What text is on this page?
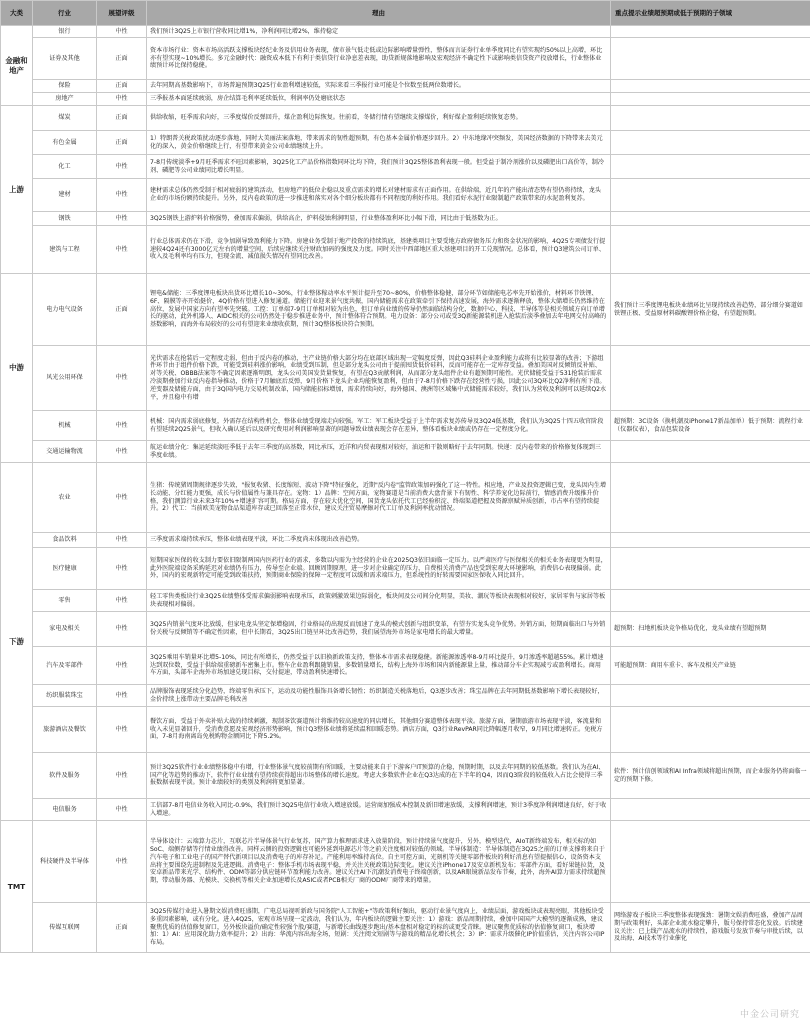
大类	行业	展望评级	理由	重点提示业绩超预期或低于预期的子领域
金融和地产	银行	中性	我们预计3Q25上市银行营收同比增1%，净利润同比增2%，维持稳定	
	证券及其他	正面	资本市场行业：资本市场高活跃支撑板块经纪业务及信用业务表现，债市景气低走低或边际影响增量弹性，整体而言证券行业单季度同比有望实现约50%以上高增，环比亦有望实现~10%增长。多元金融时代：融资成本低下有利于类信贷行业净息差表现，助贷新规落地影响及宏观经济不确定性下或影响类信贷资产投放增长，行业整体业绩预计环比保持稳健。	
	保险	正面	去年同期高基数影响下，市场普遍预期3Q25行业盈利增速较低，实际来看三季报行业可能是个位数至低两位数增长。	
	房地产	中性	三季报基本面延续疲弱，房企结算毛利率延续低位，利润率仍处磨底状态	
上游	煤炭	正面	供给收缩，旺季需求向好，三季度煤价反弹回升，煤企盈利边际恢复。往前看，冬储行情有望继续支撑煤价，利好煤企盈利延续恢复态势。	
	有色金属	正面	1）特朗普关税政策扰动逐步落地，同时大美丽法案落地，带来需求的韧性超预期，有色基本金属价格逐步回升。2）中东地缘冲突频发，美国经济数据的下降带来去美元化的深入，黄金价格继续上行，有望带来黄金公司业绩继续上升。	
	化工	中性	7-8月传统淡季+9月旺季需求不旺因素影响，3Q25化工产品价格指数同环比均下降，我们预计3Q25整体盈利表现一般。但受益于制冷剂涨价以及磷肥出口高价等，制冷剂、磷肥等公司业绩同比增长明显。	
	建材	中性	建材需求总体仍然受制于相对疲弱的建筑活动，但房地产的低位企稳以及重点需求的增长对建材需求有正面作用。在供给端，近几年的产能出清态势有望仍将持续，龙头企业的市场份额持续提升。另外，反内卷政策的进一步推进和落实对各个细分板块都有不同程度的利好作用。我们看好水泥行业限制超产政策带来的水泥盈利复苏。	
	钢铁	中性	3Q25钢铁上游炉料价格强势，叠加需求偏弱，供给高企，炉料侵蚀利润明显，行业整体盈利环比小幅下滑，同比由于低基数为正。	
	建筑与工程	中性	行业总体需求仍在下滑，竞争加剧导致盈利能力下降。房建业务受制于地产投资的持续筑底，基建类项目主要受地方政府债务压力和资金状况的影响，4Q25专项债发行提速较4Q24还有3000亿元左右的增量空间，后续应继续关注财政加码的强度及力度。同时关注中西部地区重大基建项目的开工兑现情况。总体看，预计Q3建筑公司订单、收入及毛利率均有压力，但现金流、减值损失情况有望同比改善。	
中游	电力电气设备	正面	锂电&储能：三季度锂电板块出货环比增长10~30%，行业整体稼动率水平预计提升至70~80%，价格整体稳健，部分环节如储能电芯率先开始涨价，材料环节铁锂、6F、隔膜等亦开始挺价，4Q价格有望进入修复通道。储能行业迎来景气度共振，国内储能需求在政策牵引下保持高速发展，海外需求逐渐释放，整体大储增长仍然维持在高位，发展中国家方向有望率先突破。工控：订单端7-9月订单相对较为出色，但订单向业绩的传导仍然面临结构分化，数据中心、科技、半导体等是相关领域方向订单增长的驱动，此外机器人、AIDC相关的公司仍然处于稳步推进业务中，预计整体符合预期。电力设备：部分公司或受3Q新能源装机进入抢装后淡季叠加去年电网交付高峰的基数影响，而海外布局较好的公司有望迎来业绩收获期，预计3Q整体板块符合预期。	我们预计三季度锂电板块业绩环比呈现持续改善趋势，部分细分赛道如铁锂正极、受益原材料碳酸锂价格企稳，有望超预期。
	风光公用环保	中性	光伏需求在抢装后一定程度走弱，但由于反内卷的推动，主产业链价格大部分均在底部区域出现一定幅度反弹，因此Q3硅料企业盈利能力或将有比较显著的改善；下游组件环节由于组件价格下跌，可能受到硅料涨价影响，业绩受到压制，但是部分龙头公司由于提前囤货低价硅料，反而可能存在一定库存受益。叠加美国对反倾销反补贴、对等关税、OBBB法案等不确定因素逐渐明朗，龙头公司美国发货量恢复，有望在Q3贡献利润，从而部分龙头组件企业有超预期可能性。光伏储能受益于531抢装后需求冷淡期叠加行业反内卷指导推动，价格于7月触底后反弹，9月价格下龙头企业均能恢复盈利，但由于7-8月价格下跌存在经营性亏损，因此公司3Q环比Q2净利有所下滑。逆变器及储能方面，由于3Q国内电力交易机制改革，国内储能招标增加，需求持续向好，海外德国、澳洲等区域集中式储能需求较好，我们认为营收及利润可以延续Q2水平，并且稳中有增	
	机械	中性	机械：国内需求弱底修复，外需存在结构性机会，整体业绩受现端走向较强。军工：军工板块受益于上半年需求复苏传导及3Q24低基数，我们认为3Q25十四五收官阶段有望延续2Q25景气，但收入确认延后以及研究费用对利润影响显著的问题导致业绩表现会存在差异，整体看板块业绩或仍存在一定程度分化。	超预期：3C设备（换机潮及iPhone17新品加单）低于预期：流程行业（仪器仪表），食品包装设备
	交通运输物流	中性	航运业绩分化：集运延续淡旺季低于去年三季度的高基数，同比承压，近洋和内贸表现相对较好，油运和干散则略好于去年同期。快递：反内卷带来的价格修复体现到三季度业绩。	
下游	农业	中性	生猪：传统猪周期规律逐步失效，"报复收猪、长度缩短、波动下降"特征强化，近期"反内卷"监管政策加码强化了这一特性。相应地，产业及投资逻辑已变，龙头因内生增长动能、分红能力更强，成长与价值属性与兼具存在。宠物：1）品牌：空间方面，宠物赛道是当前消费大盘背景下有韧性、科学养宠化边际前行，情感消费升级推升价格，我们测算行业未来3年10%+增速扩容可期。格局方面，存在较大优化空间，国货龙头依托代工已经验积淀、终端渠道把握及资源禀赋异质创新，市占率有望持续提升。2）代工：当前欧美宠物食品渠道库存或已回落至正常水位，建议关注贸易摩擦对代工订单及利润率扰动情况。	
	食品饮料	中性	三季度需求端持续承压，整体业绩表现平淡，环比二季度尚未体现出改善趋势。	
	医疗健康	中性	短期国家医保的收支制力要依旧限制两国内医药行业的需求，多数以内需为主经营的企业在2025Q3依旧面临一定压力。以严肃医疗与医保相关的相关业务表现更为明显，此外医院端设备采购延迟对业绩仍有压力，传导至企业端。回顾周期原理，进一步对企业确定的压力，自费相关消费产品也受到宏观大环境影响，消费信心表现偏弱。此外，国内的宏观新特定可能受到政策扶持，预期商业保险的保障一定程度可以缓和需求端压力，但系统性的好转需要国家医保收入同比回升。	
	零售	中性	轻工零售类板块行业3Q25业绩整体受需求偏弱影响表现承压，政策刺激效果边际弱化，板块间及公司间分化明显，美妆、潮玩等板块表现相对较好，家居零售与家居等板块表现相对偏弱。	
	家电及相关	中性	3Q25内销景气度环比放缓，但家电龙头坚定保增稳固，行业格局的出现反而加速了龙头的模式创新与组织变革，有望夯实龙头竞争优势。外销方面，短期面临出口与外销份关税与反倾销等不确定性因素，但中长期看，3Q25出口链呈环比改善趋势，我们展望海外市场是家电增长的最大增量。	超预期：扫地机板块竞争格局优化，龙头业绩有望超预期
	汽车及零部件	中性	3Q25乘用车销量环比增5-10%，同比有所增长，仍然受益于以旧换新政策支持，整体本市需求表现稳健。新能源渗透率8-9月环比提升，9月渗透率超越55%。累计增速达到双位数，受益于供给端重磅新车密集上市。整车企业盈利跟随销量，多数销量增长，结构上海外市场和国内新能源量上量，推动部分车企实现减亏或盈利增长。商用车方面，头部车企海外市场加速兑现目标，交付提速，带动盈利快速增长。	可能超预期：商用车重卡、客车及相关产业链
	纺织服装珠宝	中性	品牌服饰表现延续分化趋势，终端零售承压下，运动及功能性服饰具备增长韧性；纺织制造关税落地后，Q3逐步改善；珠宝品牌在去年同期低基数影响下增长表现较好，金价持续上涨带动主要品牌毛利改善	
	旅游酒店及餐饮	中性	餐饮方面，受益于外卖补贴大战的持续刺激，现制茶饮赛道预计将维持较高速度的同店增长，其他细分赛道整体表现平淡。旅游方面，暑期旅游市场表现平淡，客流量和收入未见显著回升，受消费意愿及宏观经济形势影响，预计Q3整体业绩将延续温和回暖态势。酒店方面，Q3行业RevPAR同比降幅逐月收窄，9月同比增速转正。免税方面，7-8月海南离岛免税购物金额同比下降5.2%。	
	软件及服务	中性	预计3Q25软件行业业绩整体稳中有增，行业整体景气度较前期有所回暖，主要动能来自于下游客户IT预算的企稳，预期时期，以及去年同期的较低基数。我们认为在AI、国产化等趋势的推动下，软件行业业绩有望持续获得超出市场整体的增长速度。考虑大多数软件企业在Q3达成的在下半年的Q4，因而Q3阶段的较低收入占比会使得三季报数据表现平淡。预计业绩较好的类别及利润将更加显著。	软件：预计信创领域和AI Infra领域将超出预期，而企业服务仍将面临一定的预期下修。
	电信服务	中性	工信部7-8月电信业务收入同比-0.9%，我们预计3Q25电信行业收入增速放缓。运营商加强成本控制及新旧增速放缓，支撑利润增速，预计3季度净利润增速良好，好于收入增速。	
TMT	科技硬件及半导体	中性	半导体设计：云端算力芯片，互联芯片半导体景气行业复苏，国产算力推理需求进入放量阶段，预计持续景气度提升，另外，模型迭代，AIoT新终端发布，相关标的如SoC、端侧存储等行情业绩得改善。同样云侧的投资逻辑也可能外延到电源芯片等之前关注度相对较低的领域。半导体制造：半导体制造在3Q25之前的订单支撑将来自于汽车电子和工业电子的国产替代新项目以及消费电子的库存补足。产能利用率维持高位。自主可控方面，光刻机等关键零部件板块的利好消息有望提振信心，设备资本支出将主要围绕先进制程及先进逻辑。消费电子：整体手机市场表现平稳，并关注关税政策边际变化。建议关注iPhone17及安卓新机发布；零部件方面，看好果链拉货，及安卓新品带来光学、结构件、ODM等部分供应链环节盈利能力改善。建议关注AI下沉潮发消费电子终端创新，以及AR眼镜新品发布节奏，此外，海外AI算力需求持续超预期，带动服务器、光模块、交换机等相关企业加速增长及ASIC或者PCB相关厂商的ODM厂商带来的增量。	
	传媒互联网	正面	3Q25传媒行业进入暑期文娱消费旺盛期，广电总局视听新政与国务院"人工智能+"等政策利好频出，驱动行业景气度向上，业绩层面，游戏板块或表现亮眼，其他板块受多重因素影响，或有分化。进入4Q25，宏观市场呈现一定波动，我们认为，年内板块的逻辑主要关注：1）游戏：新品周期持续，叠加中国国产大模型的逐渐成熟，建议聚焦优质的估值修复窗口，另外板块溢价/确定性较强个股/赛道，与新增长曲线逐步跑出/基本盘相对稳定的标的或更受青睐。建议聚焦优质标的估值修复窗口，板块增加：1）AI：应用深化助力效率提升；2）出海：华流内容出海全场，短剧：关注阅文短剧等与游戏的精品化增长机会；3）IP：需求升级催化IP价值重估，关注内容公司IP布局。	网络游戏子板块三季度整体表现强劲：暑期文娱消费旺盛，叠加产品周期与政策利好，头部企业流水稳定攀升，版号保持常态化发放。后续建议关注：已上线产品流水的持续性，游戏版号发放节奏与审批后续，以及出海、AI技术等行业催化
中金公司研究
